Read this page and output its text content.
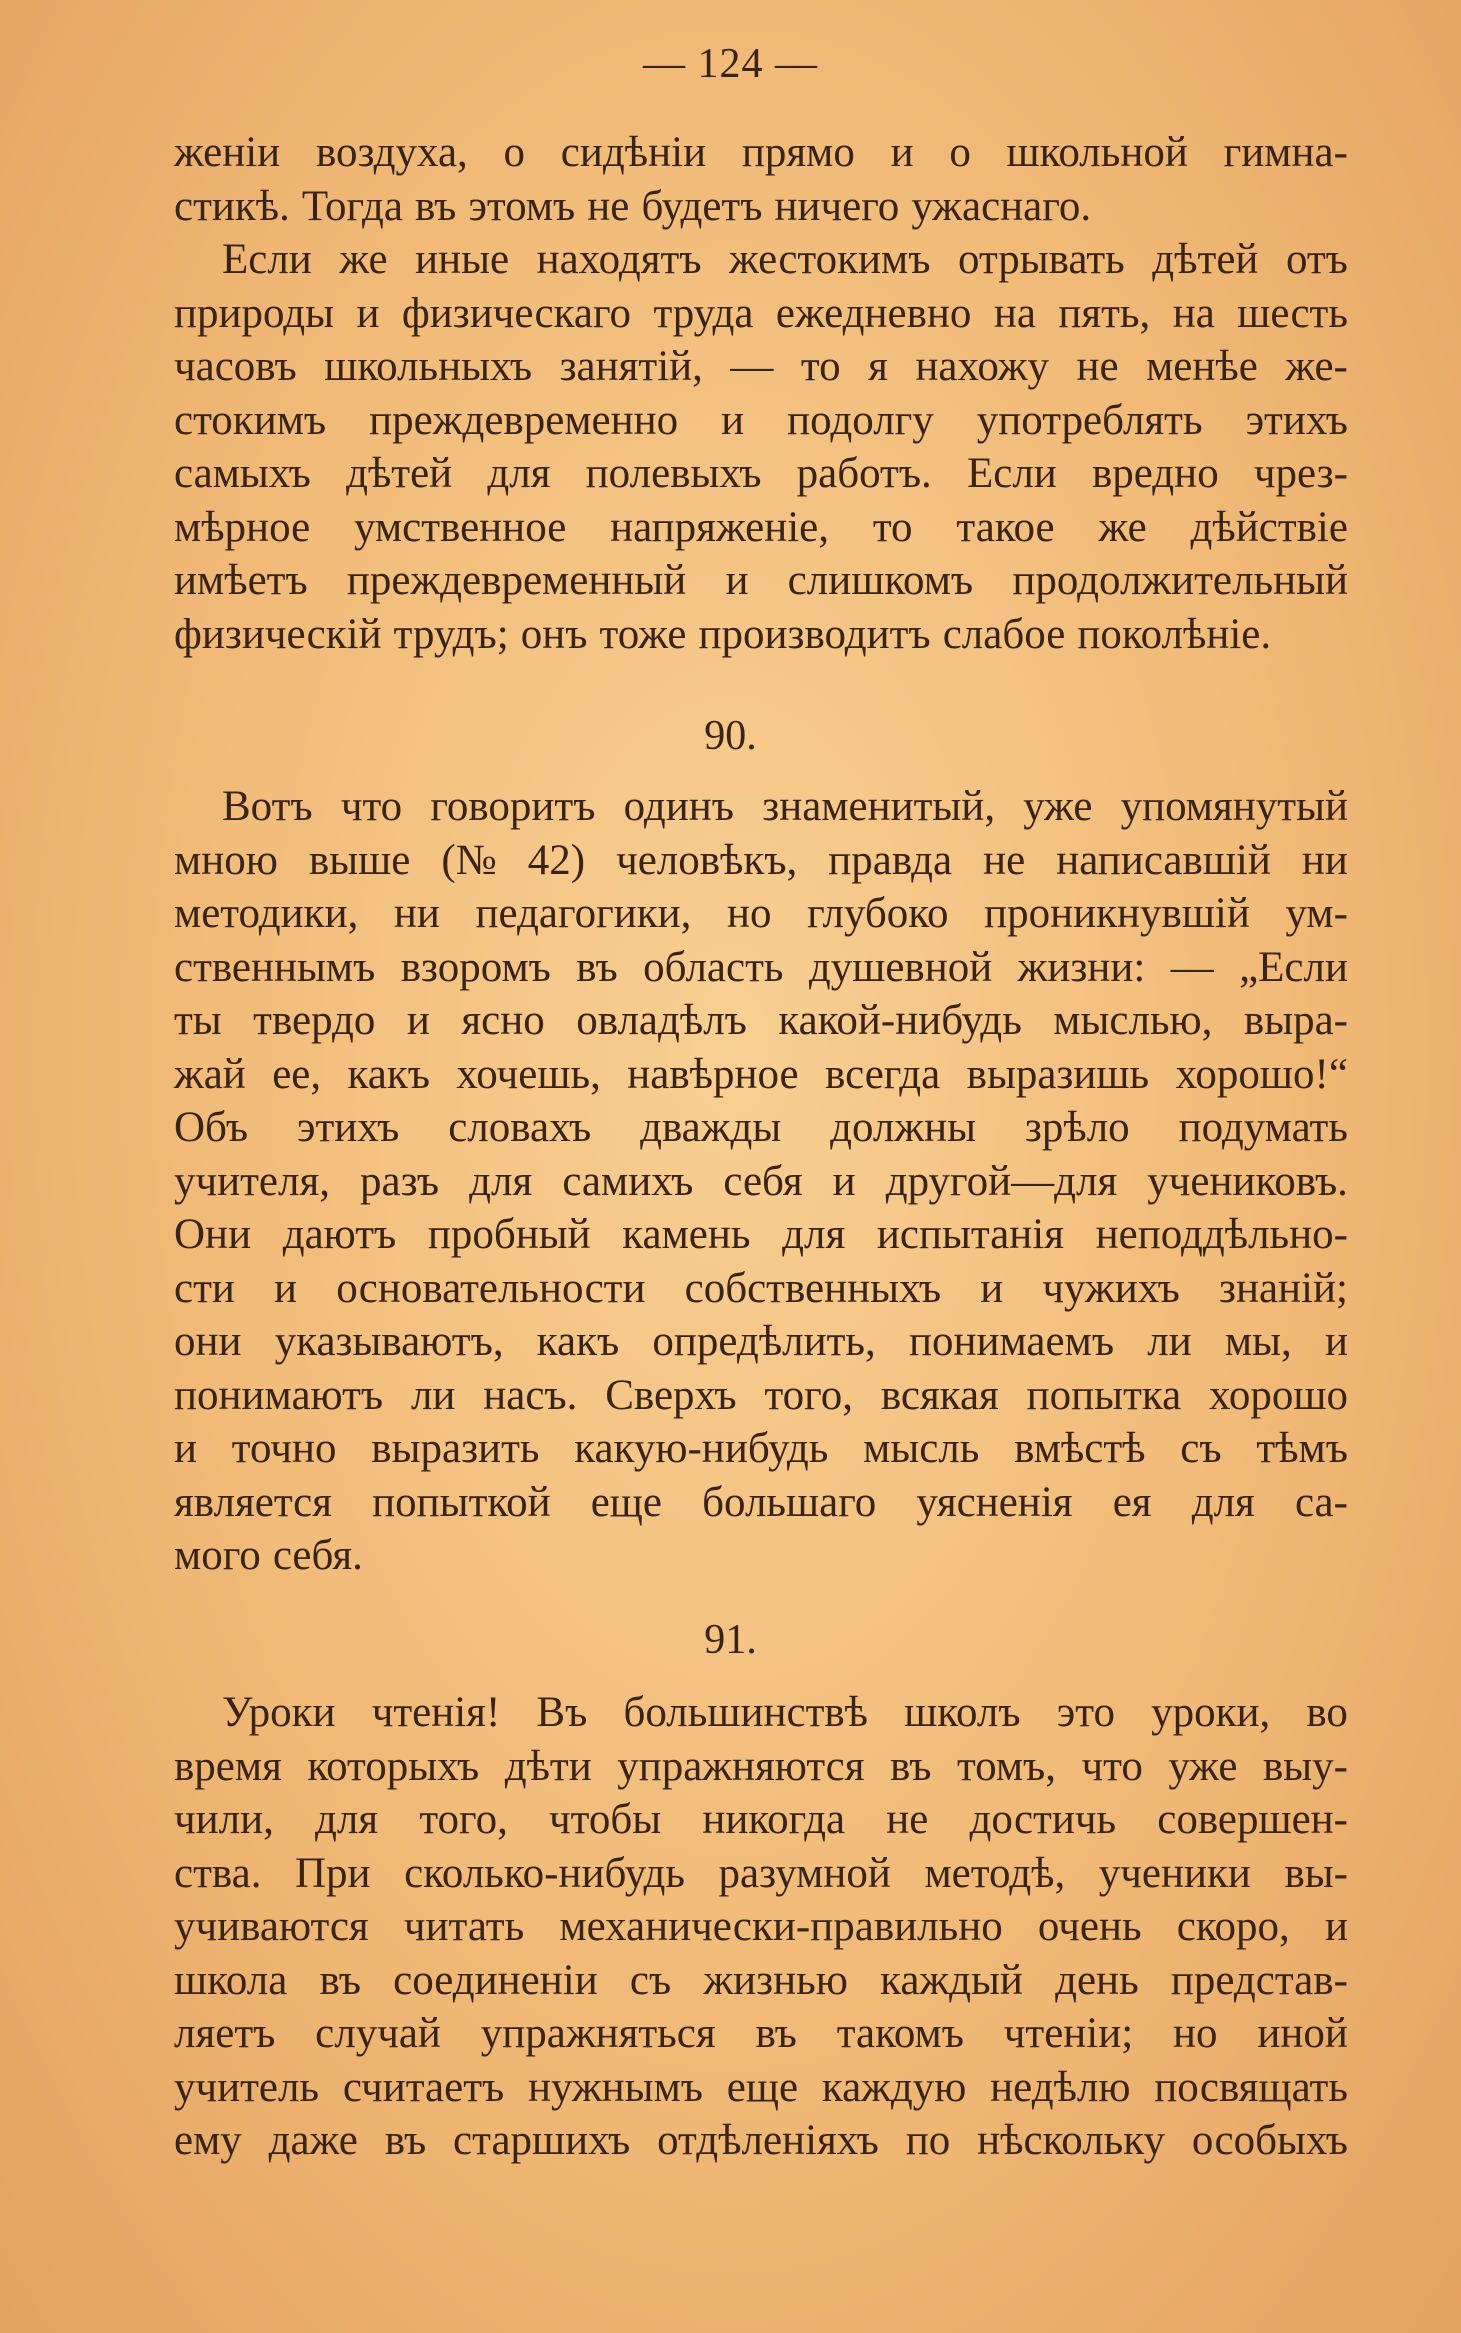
— 124 —
женіи воздуха, о сидѣніи прямо и о школьной гимна-
стикѣ. Тогда въ этомъ не будетъ ничего ужаснаго.
Если же иные находятъ жестокимъ отрывать дѣтей отъ
природы и физическаго труда ежедневно на пять, на шесть
часовъ школьныхъ занятій, — то я нахожу не менѣе же-
стокимъ преждевременно и подолгу употреблять этихъ
самыхъ дѣтей для полевыхъ работъ. Если вредно чрез-
мѣрное умственное напряженіе, то такое же дѣйствіе
имѣетъ преждевременный и слишкомъ продолжительный
физическій трудъ; онъ тоже производитъ слабое поколѣніе.
90.
Вотъ что говоритъ одинъ знаменитый, уже упомянутый
мною выше (№ 42) человѣкъ, правда не написавшій ни
методики, ни педагогики, но глубоко проникнувшій ум-
ственнымъ взоромъ въ область душевной жизни: — „Если
ты твердо и ясно овладѣлъ какой-нибудь мыслью, выра-
жай ее, какъ хочешь, навѣрное всегда выразишь хорошо!“
Объ этихъ словахъ дважды должны зрѣло подумать
учителя, разъ для самихъ себя и другой—для учениковъ.
Они даютъ пробный камень для испытанія неподдѣльно-
сти и основательности собственныхъ и чужихъ знаній;
они указываютъ, какъ опредѣлить, понимаемъ ли мы, и
понимаютъ ли насъ. Сверхъ того, всякая попытка хорошо
и точно выразить какую-нибудь мысль вмѣстѣ съ тѣмъ
является попыткой еще большаго уясненія ея для са-
мого себя.
91.
Уроки чтенія! Въ большинствѣ школъ это уроки, во
время которыхъ дѣти упражняются въ томъ, что уже выу-
чили, для того, чтобы никогда не достичь совершен-
ства. При сколько-нибудь разумной методѣ, ученики вы-
учиваются читать механически-правильно очень скоро, и
школа въ соединеніи съ жизнью каждый день представ-
ляетъ случай упражняться въ такомъ чтеніи; но иной
учитель считаетъ нужнымъ еще каждую недѣлю посвящать
ему даже въ старшихъ отдѣленіяхъ по нѣскольку особыхъ
